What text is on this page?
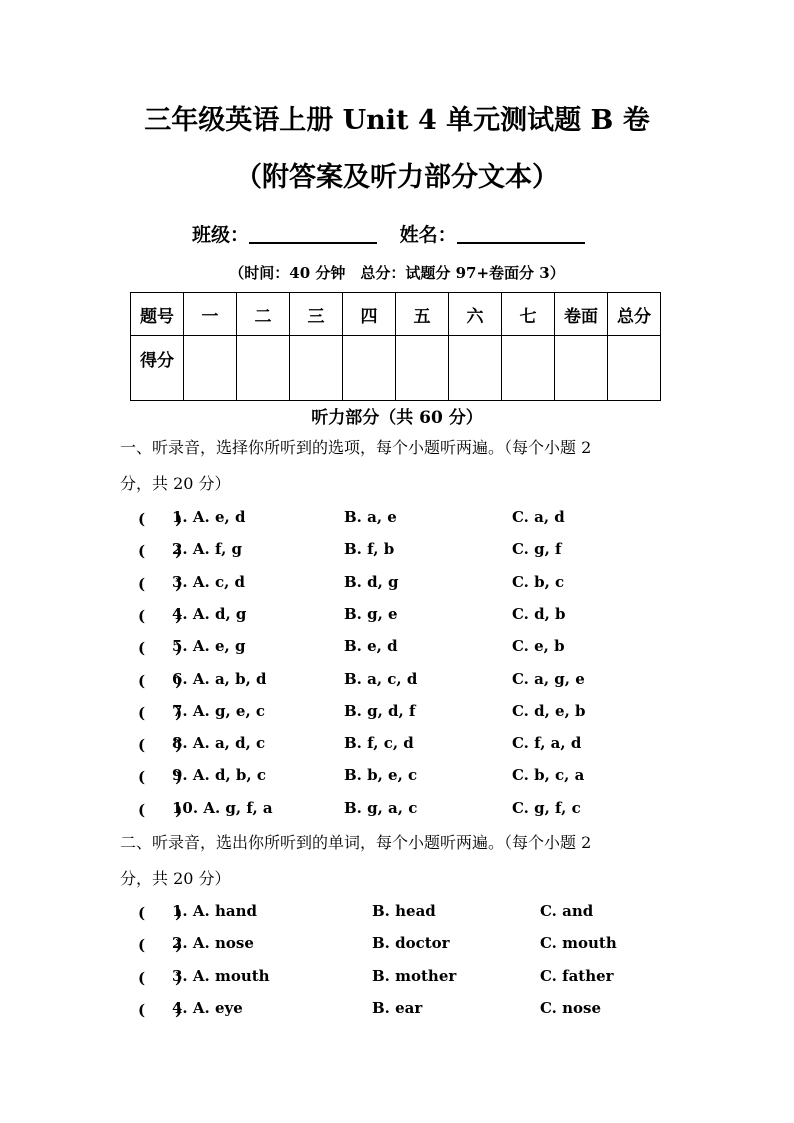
三年级英语上册 Unit 4 单元测试题 B 卷
（附答案及听力部分文本）
班级：	姓名：
（时间：40 分钟　总分：试题分 97+卷面分 3）
题号	一	二	三	四	五	六	七	卷面	总分
得分									
听力部分（共 60 分）
一、听录音，选择你所听到的选项，每个小题听两遍。（每个小题 2
分，共 20 分）
(　　)
1. A. e, d	B. a, e	C. a, d
(　　)
2. A. f, g	B. f, b	C. g, f
(　　)
3. A. c, d	B. d, g	C. b, c
(　　)
4. A. d, g	B. g, e	C. d, b
(　　)
5. A. e, g	B. e, d	C. e, b
(　　)
6. A. a, b, d	B. a, c, d	C. a, g, e
(　　)
7. A. g, e, c	B. g, d, f	C. d, e, b
(　　)
8. A. a, d, c	B. f, c, d	C. f, a, d
(　　)
9. A. d, b, c	B. b, e, c	C. b, c, a
(　　)
10. A. g, f, a	B. g, a, c	C. g, f, c
二、听录音，选出你所听到的单词，每个小题听两遍。（每个小题 2
分，共 20 分）
(　　)
1. A. hand	B. head	C. and
(　　)
2. A. nose	B. doctor	C. mouth
(　　)
3. A. mouth	B. mother	C. father
(　　)
4. A. eye	B. ear	C. nose
